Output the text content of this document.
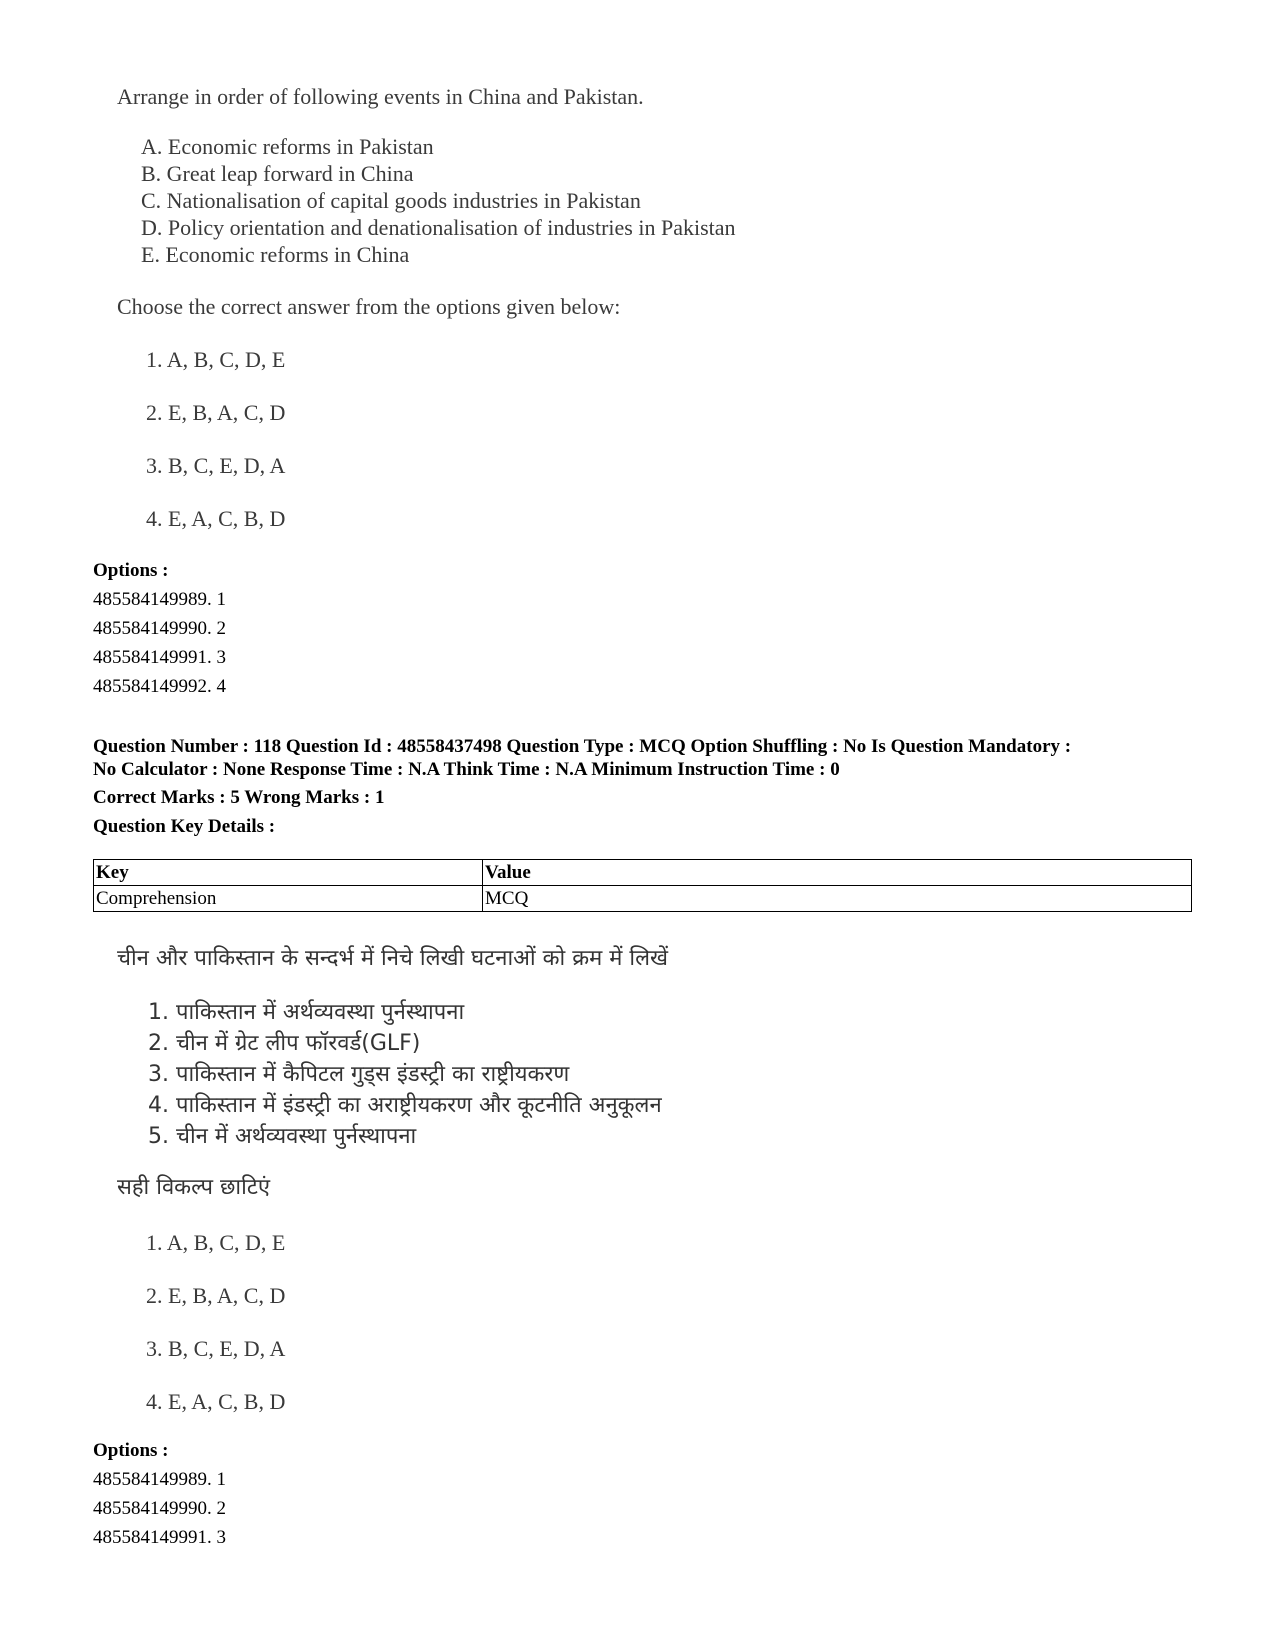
Arrange in order of following events in China and Pakistan.
A. Economic reforms in Pakistan
B. Great leap forward in China
C. Nationalisation of capital goods industries in Pakistan
D. Policy orientation and denationalisation of industries in Pakistan
E. Economic reforms in China
Choose the correct answer from the options given below:
1. A, B, C, D, E
2. E, B, A, C, D
3. B, C, E, D, A
4. E, A, C, B, D
Options :
485584149989. 1
485584149990. 2
485584149991. 3
485584149992. 4
Question Number : 118 Question Id : 48558437498 Question Type : MCQ Option Shuffling : No Is Question Mandatory :
No Calculator : None Response Time : N.A Think Time : N.A Minimum Instruction Time : 0
Correct Marks : 5 Wrong Marks : 1
Question Key Details :
Key	Value
Comprehension	MCQ
चीन और पाकिस्तान के सन्दर्भ में निचे लिखी घटनाओं को क्रम में लिखें
1. पाकिस्तान में अर्थव्यवस्था पुर्नस्थापना
2. चीन में ग्रेट लीप फॉरवर्ड(GLF)
3. पाकिस्तान में कैपिटल गुड्स इंडस्ट्री का राष्ट्रीयकरण
4. पाकिस्तान में इंडस्ट्री का अराष्ट्रीयकरण और कूटनीति अनुकूलन
5. चीन में अर्थव्यवस्था पुर्नस्थापना
सही विकल्प छाटिएं
1. A, B, C, D, E
2. E, B, A, C, D
3. B, C, E, D, A
4. E, A, C, B, D
Options :
485584149989. 1
485584149990. 2
485584149991. 3
